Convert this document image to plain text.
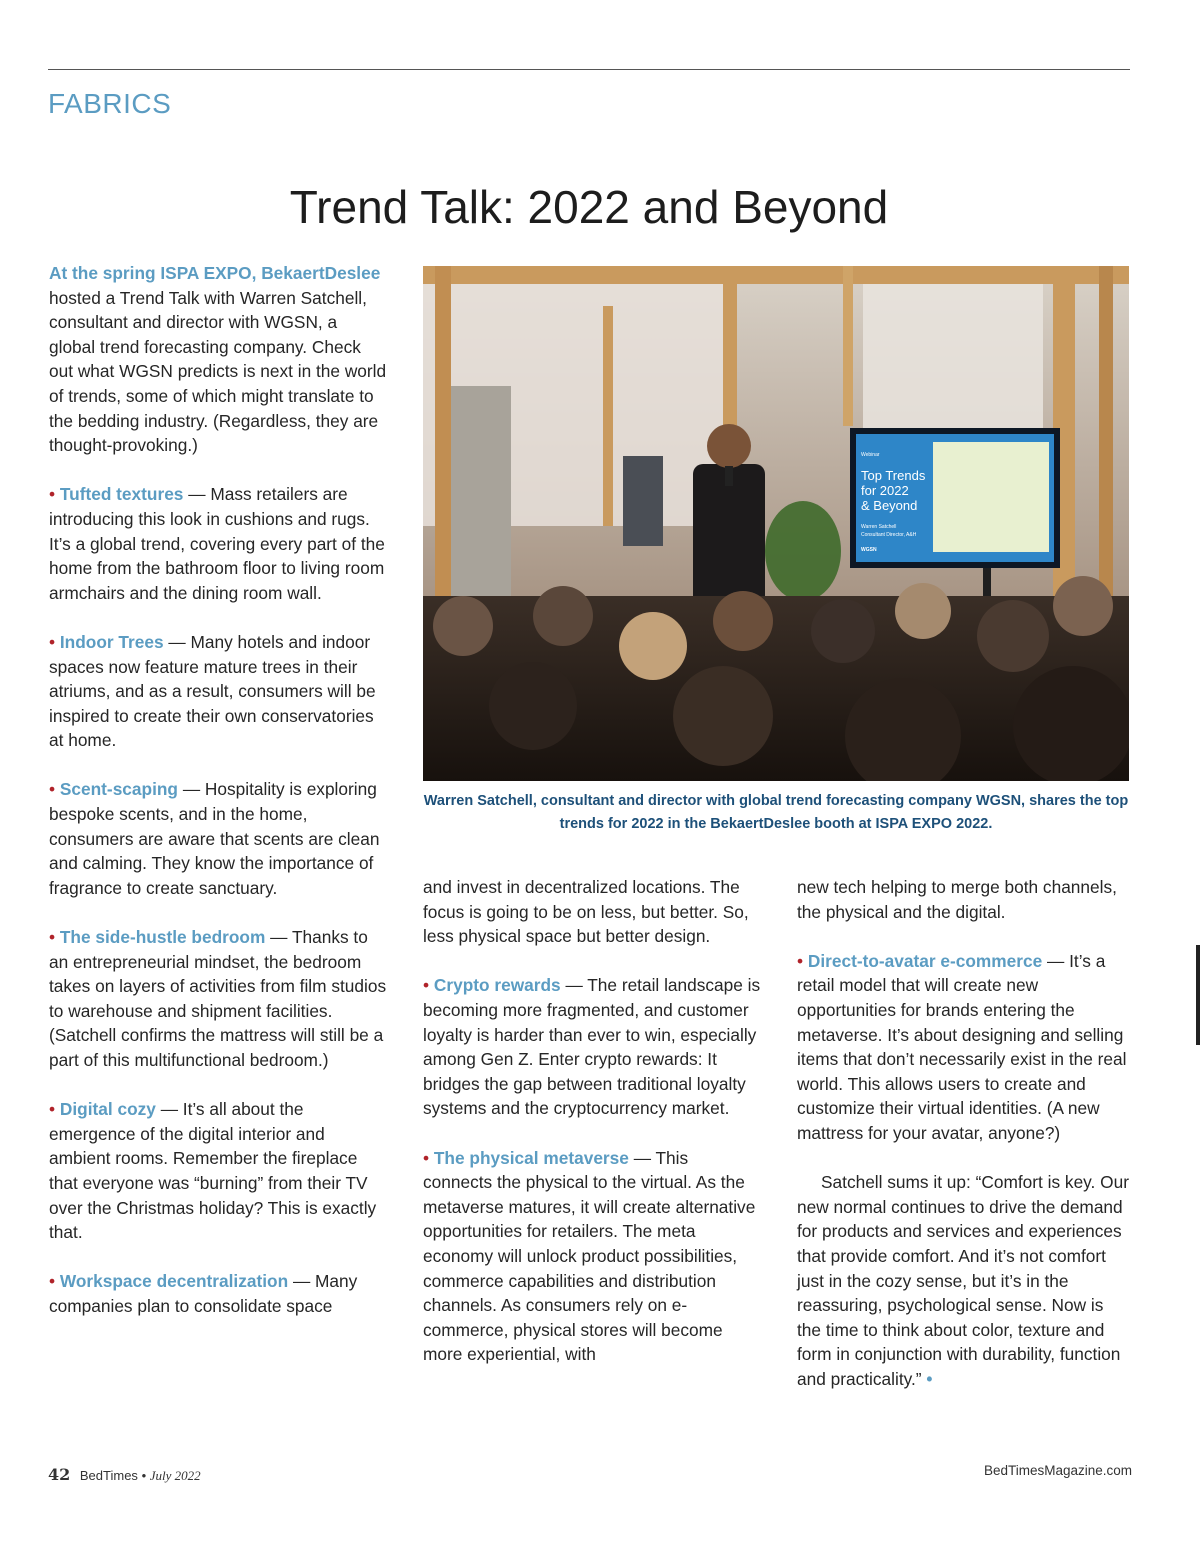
FABRICS
Trend Talk: 2022 and Beyond

At the spring ISPA EXPO, BekaertDeslee hosted a Trend Talk with Warren Satchell, consultant and director with WGSN, a global trend forecasting company. Check out what WGSN predicts is next in the world of trends, some of which might translate to the bedding industry. (Regardless, they are thought-provoking.)

• Tufted textures — Mass retailers are introducing this look in cushions and rugs. It’s a global trend, covering every part of the home from the bathroom floor to living room armchairs and the dining room wall.

• Indoor Trees — Many hotels and indoor spaces now feature mature trees in their atriums, and as a result, consumers will be inspired to create their own conservatories at home.

• Scent-scaping — Hospitality is exploring bespoke scents, and in the home, consumers are aware that scents are clean and calming. They know the importance of fragrance to create sanctuary.

• The side-hustle bedroom — Thanks to an entrepreneurial mindset, the bedroom takes on layers of activities from film studios to warehouse and shipment facilities. (Satchell confirms the mattress will still be a part of this multifunctional bedroom.)

• Digital cozy — It’s all about the emergence of the digital interior and ambient rooms. Remember the fireplace that everyone was “burning” from their TV over the Christmas holiday? This is exactly that.

• Workspace decentralization — Many companies plan to consolidate space

Webinar
Top Trends
for 2022
& Beyond
Warren Satchell
Consultant Director, A&H
WGSN
Warren Satchell, consultant and director with global trend forecasting company WGSN, shares the top trends for 2022 in the BekaertDeslee booth at ISPA EXPO 2022.

and invest in decentralized locations. The focus is going to be on less, but better. So, less physical space but better design.

• Crypto rewards — The retail landscape is becoming more fragmented, and customer loyalty is harder than ever to win, especially among Gen Z. Enter crypto rewards: It bridges the gap between traditional loyalty systems and the cryptocurrency market.

• The physical metaverse — This connects the physical to the virtual. As the metaverse matures, it will create alternative opportunities for retailers. The meta economy will unlock product possibilities, commerce capabilities and distribution channels. As consumers rely on e-commerce, physical stores will become more experiential, with

new tech helping to merge both channels, the physical and the digital.

• Direct-to-avatar e-commerce — It’s a retail model that will create new opportunities for brands entering the metaverse. It’s about designing and selling items that don’t necessarily exist in the real world. This allows users to create and customize their virtual identities. (A new mattress for your avatar, anyone?)

Satchell sums it up: “Comfort is key. Our new normal continues to drive the demand for products and services and experiences that provide comfort. And it’s not comfort just in the cozy sense, but it’s in the reassuring, psychological sense. Now is the time to think about color, texture and form in conjunction with durability, function and practicality.” •

42 BedTimes • July 2022	BedTimesMagazine.com
